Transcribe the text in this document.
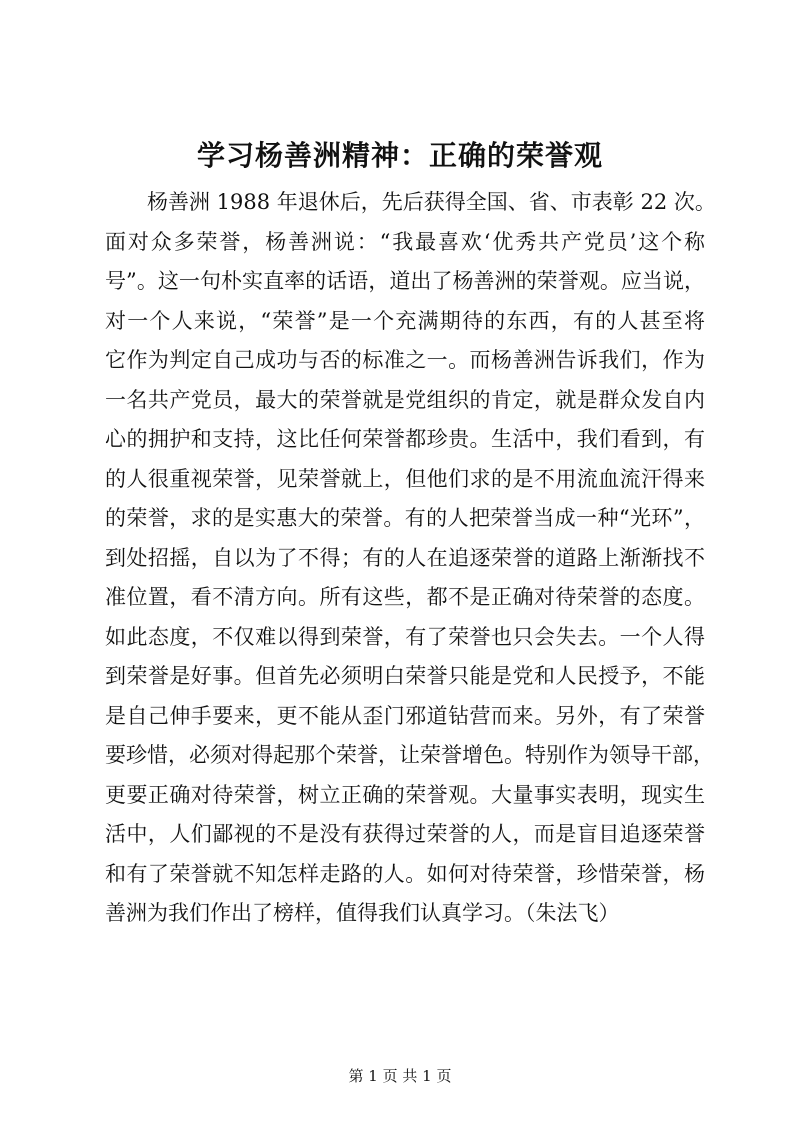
学习杨善洲精神：正确的荣誉观
杨善洲 1988 年退休后，先后获得全国、省、市表彰 22 次。
面对众多荣誉，杨善洲说：“我最喜欢‘优秀共产党员’这个称
号”。这一句朴实直率的话语，道出了杨善洲的荣誉观。应当说，
对一个人来说，“荣誉”是一个充满期待的东西，有的人甚至将
它作为判定自己成功与否的标准之一。而杨善洲告诉我们，作为
一名共产党员，最大的荣誉就是党组织的肯定，就是群众发自内
心的拥护和支持，这比任何荣誉都珍贵。生活中，我们看到，有
的人很重视荣誉，见荣誉就上，但他们求的是不用流血流汗得来
的荣誉，求的是实惠大的荣誉。有的人把荣誉当成一种“光环”，
到处招摇，自以为了不得；有的人在追逐荣誉的道路上渐渐找不
准位置，看不清方向。所有这些，都不是正确对待荣誉的态度。
如此态度，不仅难以得到荣誉，有了荣誉也只会失去。一个人得
到荣誉是好事。但首先必须明白荣誉只能是党和人民授予，不能
是自己伸手要来，更不能从歪门邪道钻营而来。另外，有了荣誉
要珍惜，必须对得起那个荣誉，让荣誉增色。特别作为领导干部，
更要正确对待荣誉，树立正确的荣誉观。大量事实表明，现实生
活中，人们鄙视的不是没有获得过荣誉的人，而是盲目追逐荣誉
和有了荣誉就不知怎样走路的人。如何对待荣誉，珍惜荣誉，杨
善洲为我们作出了榜样，值得我们认真学习。（朱法飞）
第 1 页 共 1 页
